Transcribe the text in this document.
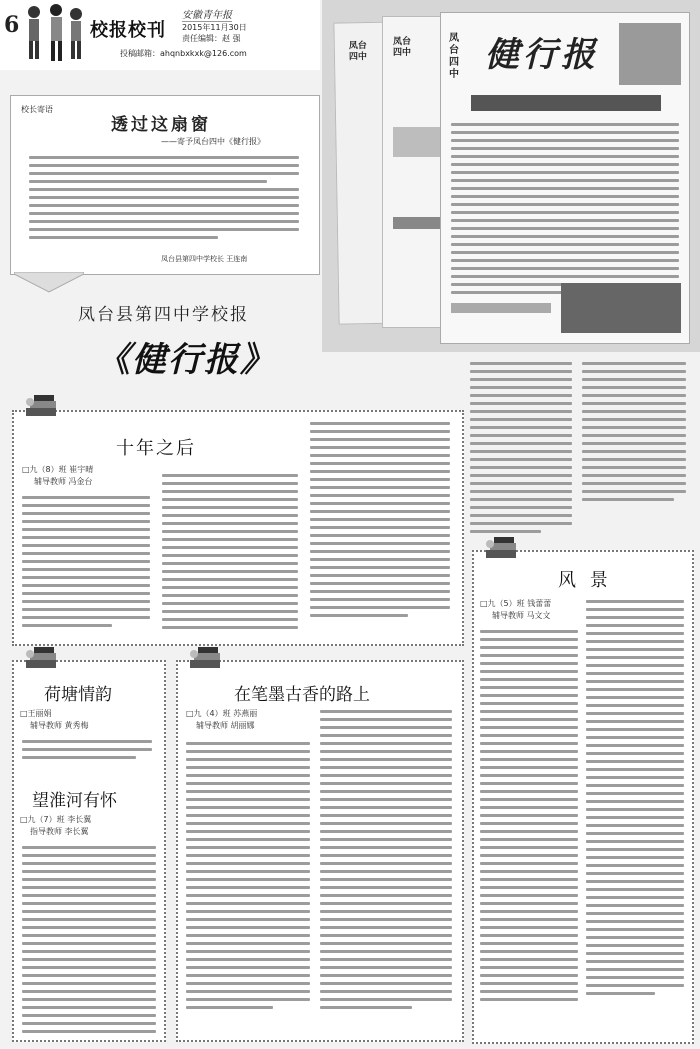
6	校报校刊
安徽青年报
2015年11月30日
责任编辑：赵 强
投稿邮箱：ahqnbxkxk@126.com
校长寄语
透过这扇窗
——寄予凤台四中《健行报》
凤台县第四中学校长 王连南
凤台四中
凤台四中
凤台四中 健行报
凤台县第四中学校报
《健行报》
十年之后
□九（8）班 崔宇晴
辅导教师 冯金台
风 景
□九（5）班 钱蕾蕾
辅导教师 马文文
荷塘情韵
□王丽娟
辅导教师 黄秀梅
望淮河有怀
□九（7）班 李长翼
指导教师 李长翼
在笔墨古香的路上
□九（4）班 苏燕丽
辅导教师 胡丽娜
